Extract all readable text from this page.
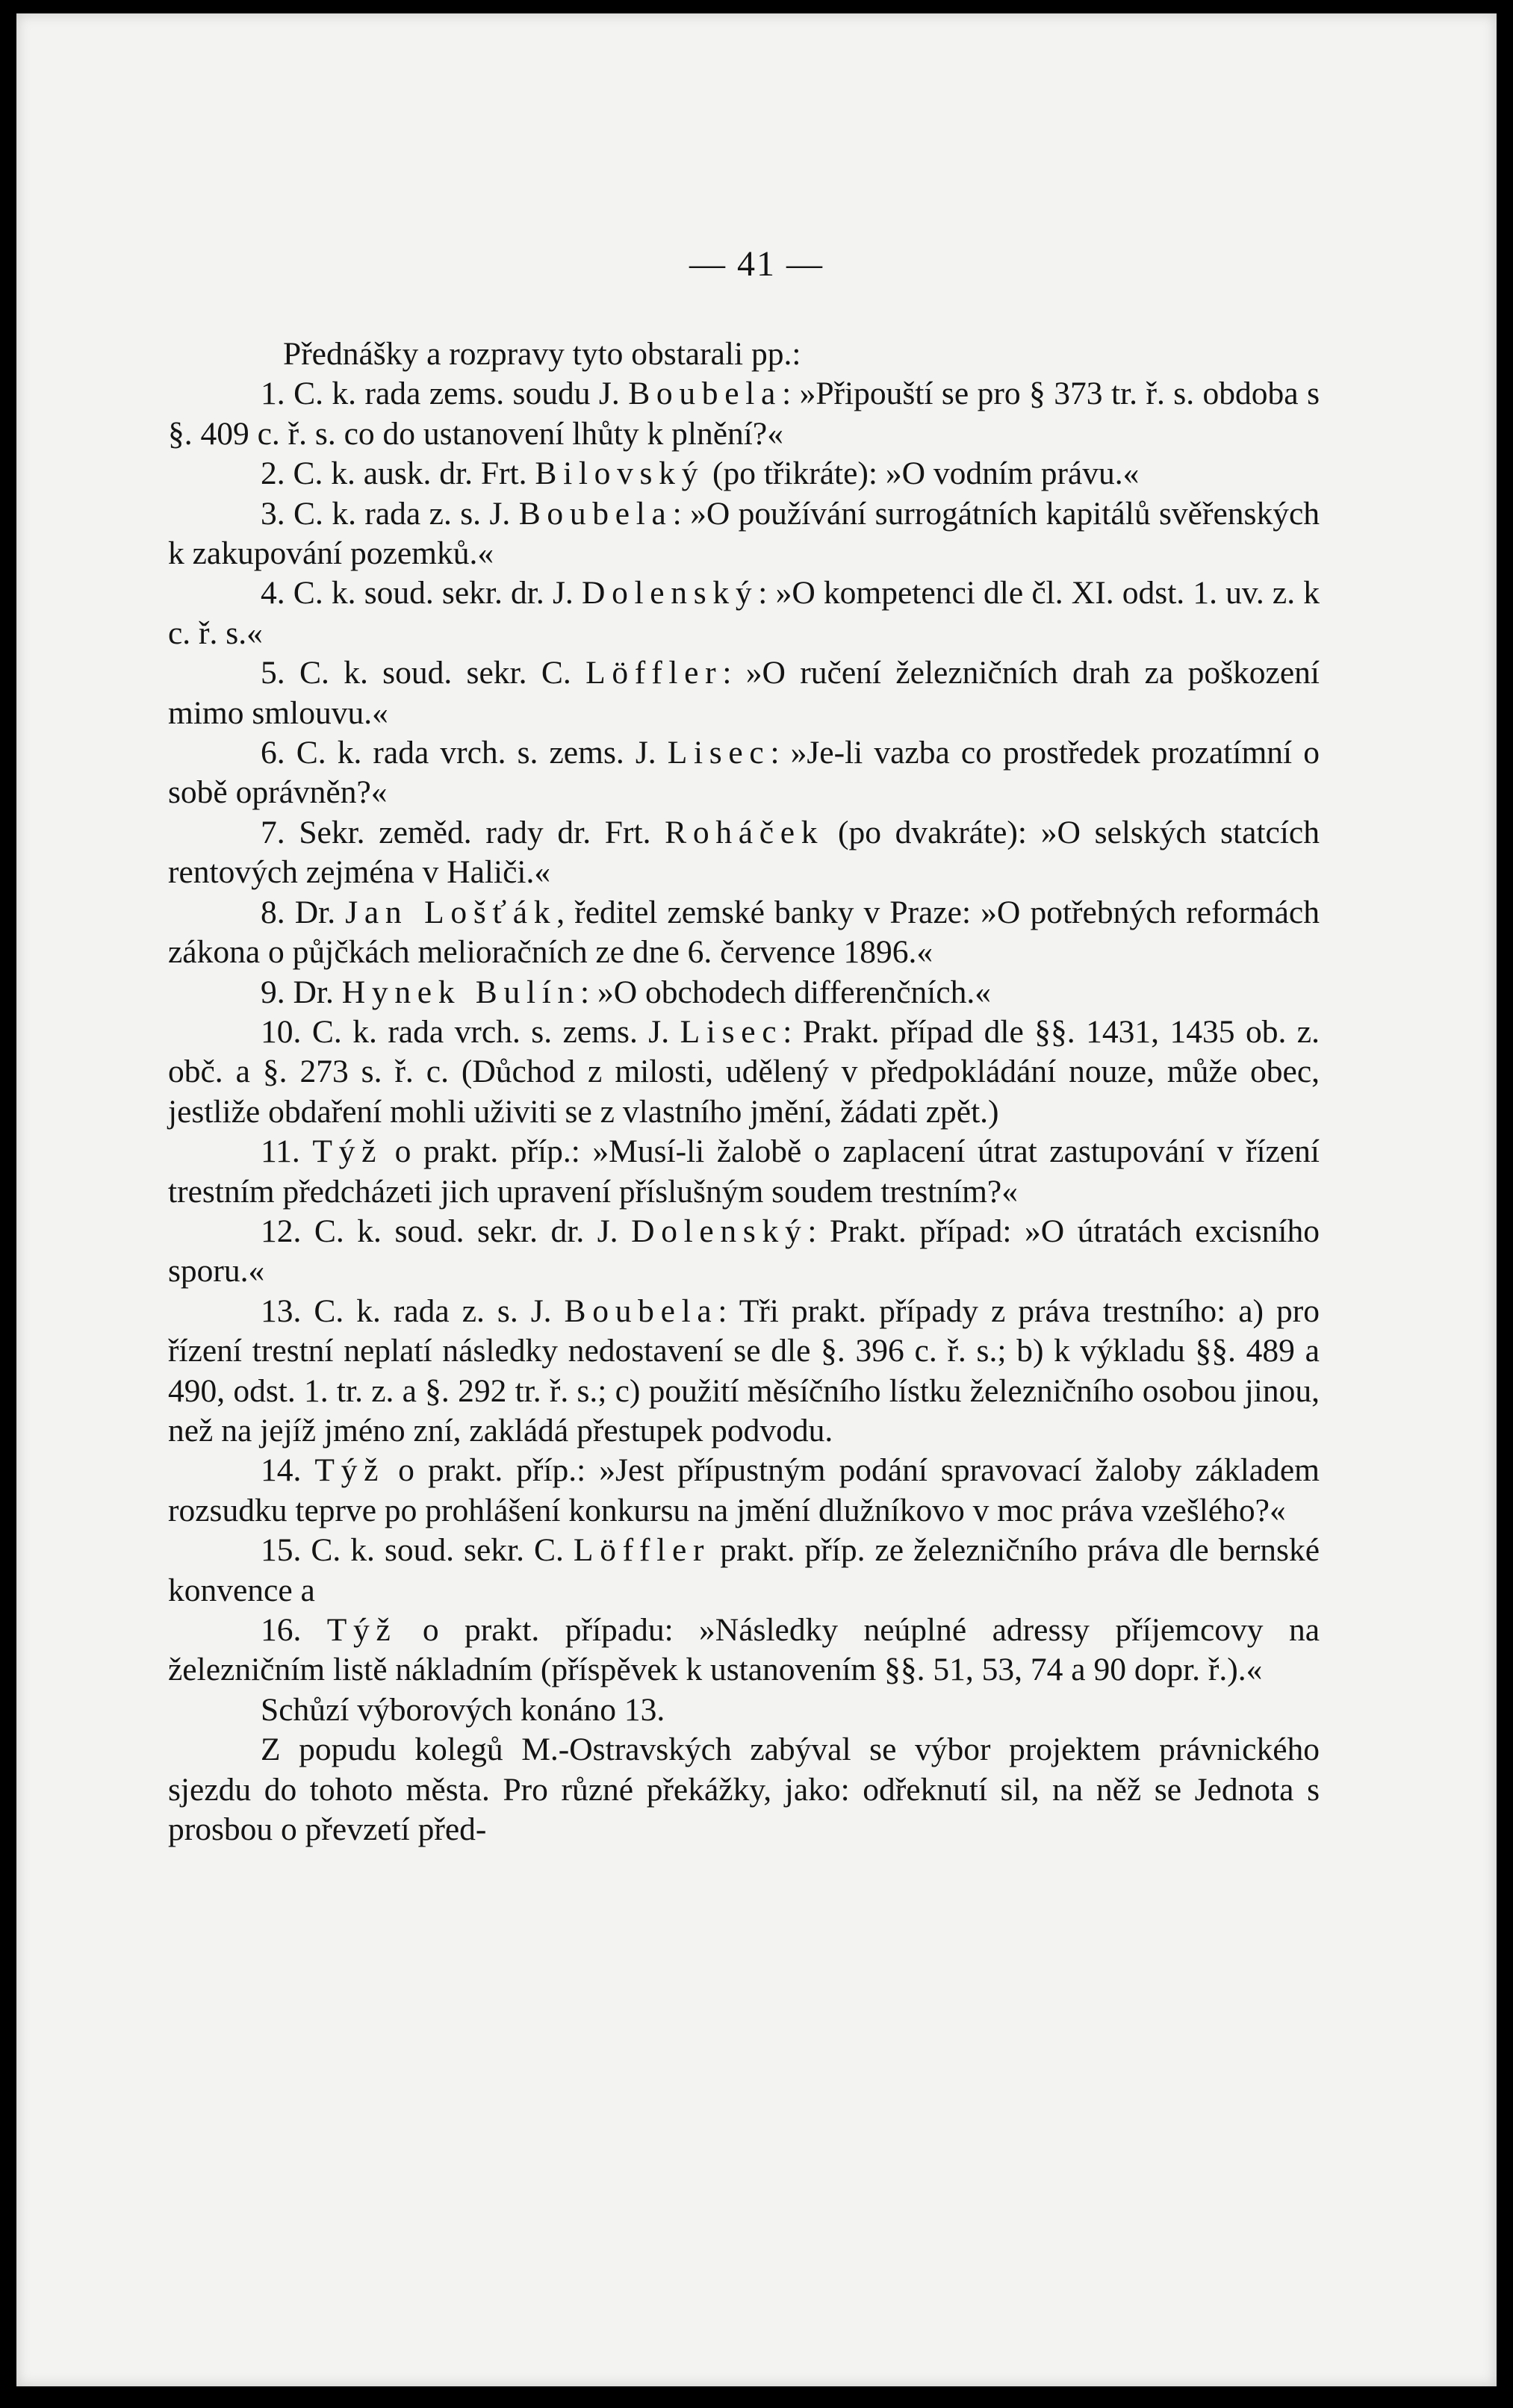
— 41 —

Přednášky a rozpravy tyto obstarali pp.:

1. C. k. rada zems. soudu J. Boubela: »Připouští se pro § 373 tr. ř. s. obdoba s §. 409 c. ř. s. co do ustanovení lhůty k plnění?«

2. C. k. ausk. dr. Frt. Bilovský (po třikráte): »O vodním právu.«

3. C. k. rada z. s. J. Boubela: »O používání surrogátních kapitálů svěřenských k zakupování pozemků.«

4. C. k. soud. sekr. dr. J. Dolenský: »O kompetenci dle čl. XI. odst. 1. uv. z. k c. ř. s.«

5. C. k. soud. sekr. C. Löffler: »O ručení železničních drah za poškození mimo smlouvu.«

6. C. k. rada vrch. s. zems. J. Lisec: »Je-li vazba co prostředek prozatímní o sobě oprávněn?«

7. Sekr. zeměd. rady dr. Frt. Roháček (po dvakráte): »O selských statcích rentových zejména v Haliči.«

8. Dr. Jan Lošťák, ředitel zemské banky v Praze: »O potřebných reformách zákona o půjčkách melioračních ze dne 6. července 1896.«

9. Dr. Hynek Bulín: »O obchodech differenčních.«

10. C. k. rada vrch. s. zems. J. Lisec: Prakt. případ dle §§. 1431, 1435 ob. z. obč. a §. 273 s. ř. c. (Důchod z milosti, udělený v předpokládání nouze, může obec, jestliže obdaření mohli uživiti se z vlastního jmění, žádati zpět.)

11. Týž o prakt. příp.: »Musí-li žalobě o zaplacení útrat zastupování v řízení trestním předcházeti jich upravení příslušným soudem trestním?«

12. C. k. soud. sekr. dr. J. Dolenský: Prakt. případ: »O útratách excisního sporu.«

13. C. k. rada z. s. J. Boubela: Tři prakt. případy z práva trestního: a) pro řízení trestní neplatí následky nedostavení se dle §. 396 c. ř. s.; b) k výkladu §§. 489 a 490, odst. 1. tr. z. a §. 292 tr. ř. s.; c) použití měsíčního lístku železničního osobou jinou, než na jejíž jméno zní, zakládá přestupek podvodu.

14. Týž o prakt. příp.: »Jest přípustným podání spravovací žaloby základem rozsudku teprve po prohlášení konkursu na jmění dlužníkovo v moc práva vzešlého?«

15. C. k. soud. sekr. C. Löffler prakt. příp. ze železničního práva dle bernské konvence a

16. Týž o prakt. případu: »Následky neúplné adressy příjemcovy na železničním listě nákladním (příspěvek k ustanovením §§. 51, 53, 74 a 90 dopr. ř.).«

Schůzí výborových konáno 13.

Z popudu kolegů M.-Ostravských zabýval se výbor projektem právnického sjezdu do tohoto města. Pro různé překážky, jako: odřeknutí sil, na něž se Jednota s prosbou o převzetí před-
